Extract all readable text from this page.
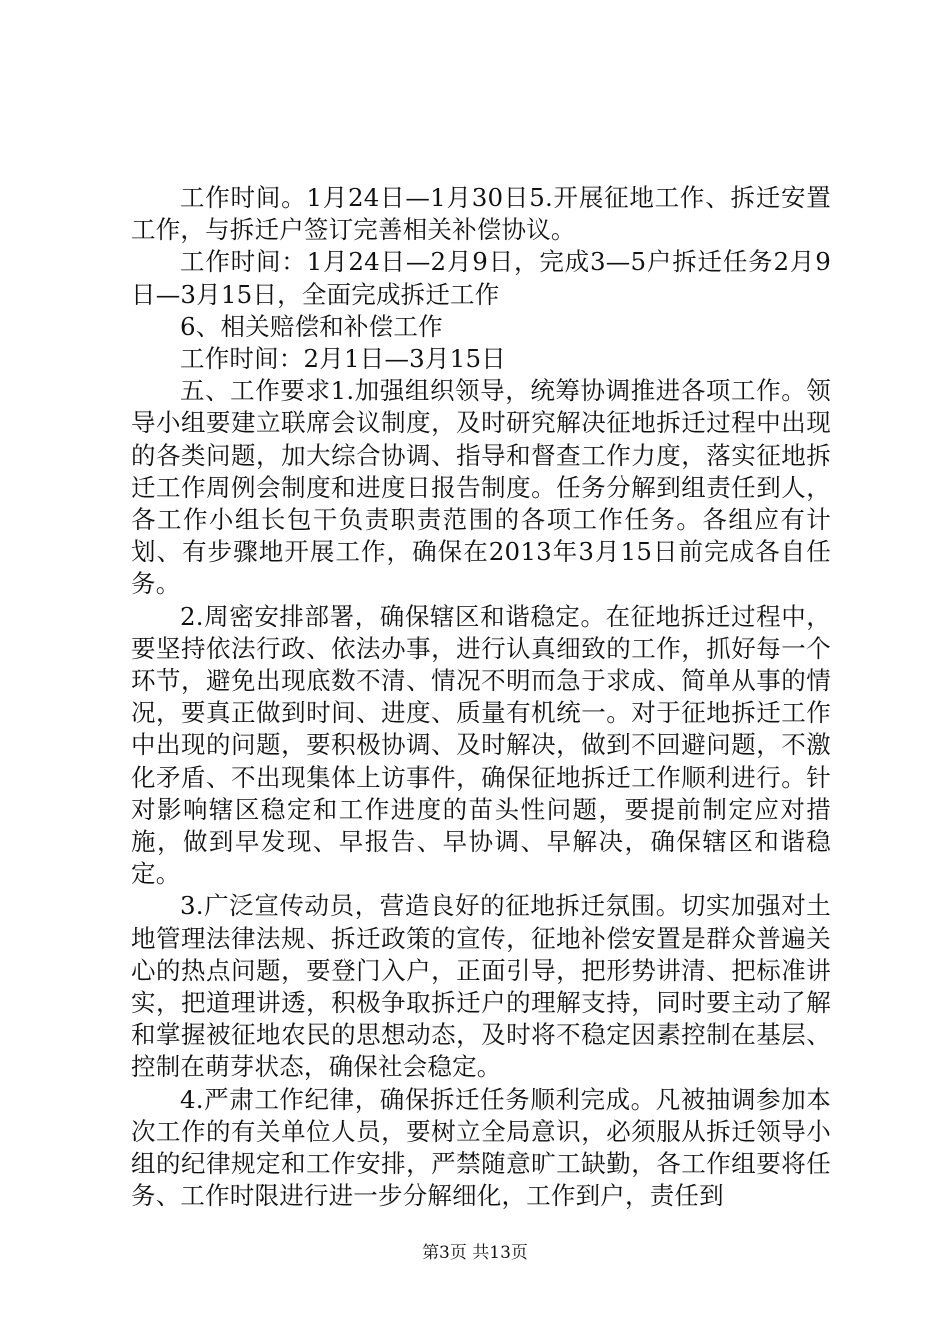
工作时间。1月24日—1月30日5.开展征地工作、拆迁安置工作，与拆迁户签订完善相关补偿协议。

工作时间：1月24日—2月9日，完成3—5户拆迁任务2月9日—3月15日，全面完成拆迁工作

6、相关赔偿和补偿工作

工作时间：2月1日—3月15日

五、工作要求1.加强组织领导，统筹协调推进各项工作。领导小组要建立联席会议制度，及时研究解决征地拆迁过程中出现的各类问题，加大综合协调、指导和督查工作力度，落实征地拆迁工作周例会制度和进度日报告制度。任务分解到组责任到人，各工作小组长包干负责职责范围的各项工作任务。各组应有计划、有步骤地开展工作，确保在2013年3月15日前完成各自任务。

2.周密安排部署，确保辖区和谐稳定。在征地拆迁过程中，要坚持依法行政、依法办事，进行认真细致的工作，抓好每一个环节，避免出现底数不清、情况不明而急于求成、简单从事的情况，要真正做到时间、进度、质量有机统一。对于征地拆迁工作中出现的问题，要积极协调、及时解决，做到不回避问题，不激化矛盾、不出现集体上访事件，确保征地拆迁工作顺利进行。针对影响辖区稳定和工作进度的苗头性问题，要提前制定应对措施，做到早发现、早报告、早协调、早解决，确保辖区和谐稳定。

3.广泛宣传动员，营造良好的征地拆迁氛围。切实加强对土地管理法律法规、拆迁政策的宣传，征地补偿安置是群众普遍关心的热点问题，要登门入户，正面引导，把形势讲清、把标准讲实，把道理讲透，积极争取拆迁户的理解支持，同时要主动了解和掌握被征地农民的思想动态，及时将不稳定因素控制在基层、控制在萌芽状态，确保社会稳定。

4.严肃工作纪律，确保拆迁任务顺利完成。凡被抽调参加本次工作的有关单位人员，要树立全局意识，必须服从拆迁领导小组的纪律规定和工作安排，严禁随意旷工缺勤，各工作组要将任务、工作时限进行进一步分解细化，工作到户，责任到

第3页 共13页
